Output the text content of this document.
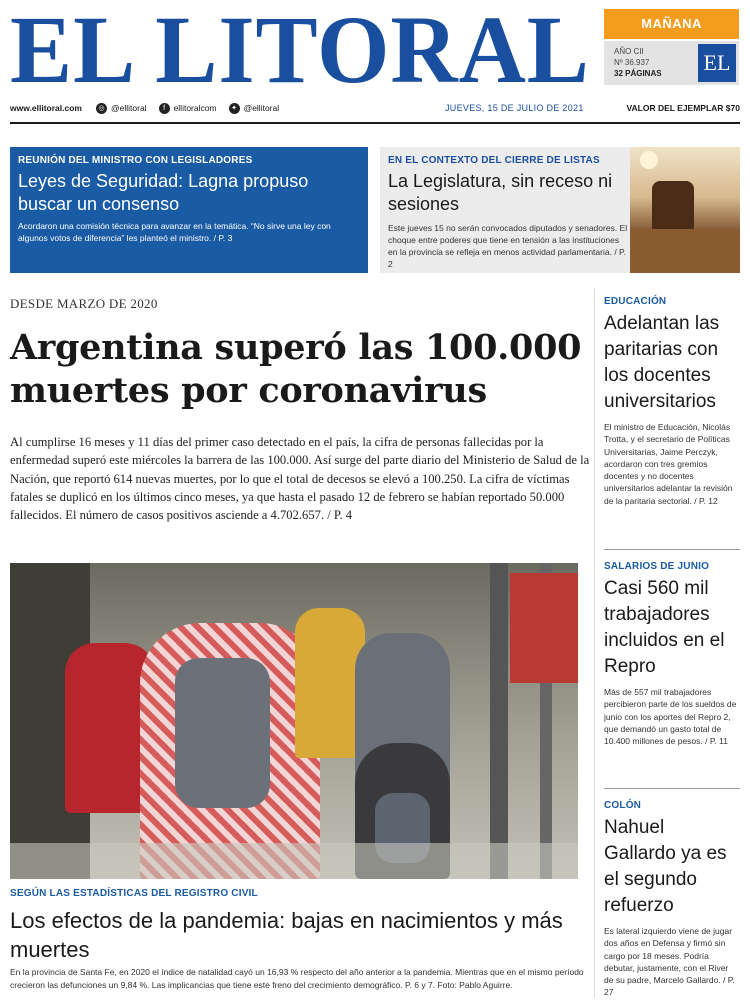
EL LITORAL	MAÑANA
AÑO CII
Nº 36.937
32 PÁGINAS EL
www.ellitoral.com	◎ @ellitoral	f	ellitoralcom	✦ @ellitoral	JUEVES, 15 DE JULIO DE 2021	VALOR DEL EJEMPLAR $70
REUNIÓN DEL MINISTRO CON LEGISLADORES
Leyes de Seguridad: Lagna propuso buscar un consenso
Acordaron una comisión técnica para avanzar en la temática. “No sirve una ley con algunos votos de diferencia” les planteó el ministro. / P. 3
EN EL CONTEXTO DEL CIERRE DE LISTAS
La Legislatura, sin receso ni sesiones
Este jueves 15 no serán convocados diputados y senadores. El choque entre poderes que tiene en tensión a las instituciones en la provincia se refleja en menos actividad parlamentaria. / P. 2
DESDE MARZO DE 2020
Argentina superó las 100.000 muertes por coronavirus
Al cumplirse 16 meses y 11 días del primer caso detectado en el país, la cifra de personas fallecidas por la enfermedad superó este miércoles la barrera de las 100.000. Así surge del parte diario del Ministerio de Salud de la Nación, que reportó 614 nuevas muertes, por lo que el total de decesos se elevó a 100.250. La cifra de víctimas fatales se duplicó en los últimos cinco meses, ya que hasta el pasado 12 de febrero se habían reportado 50.000 fallecidos. El número de casos positivos asciende a 4.702.657. / P. 4
SEGÚN LAS ESTADÍSTICAS DEL REGISTRO CIVIL
Los efectos de la pandemia: bajas en nacimientos y más muertes
En la provincia de Santa Fe, en 2020 el índice de natalidad cayó un 16,93 % respecto del año anterior a la pandemia. Mientras que en el mismo período crecieron las defunciones un 9,84 %. Las implicancias que tiene este freno del crecimiento demográfico. P. 6 y 7. Foto: Pablo Aguirre.
EDUCACIÓN
Adelantan las paritarias con los docentes universitarios
El ministro de Educación, Nicolás Trotta, y el secretario de Políticas Universitarias, Jaime Perczyk, acordaron con tres gremios docentes y no docentes universitarios adelantar la revisión de la paritaria sectorial. / P. 12
SALARIOS DE JUNIO
Casi 560 mil trabajadores incluidos en el Repro
Más de 557 mil trabajadores percibieron parte de los sueldos de junio con los aportes del Repro 2, que demandó un gasto total de 10.400 millones de pesos. / P. 11
COLÓN
Nahuel Gallardo ya es el segundo refuerzo
Es lateral izquierdo viene de jugar dos años en Defensa y firmó sin cargo por 18 meses. Podría debutar, justamente, con el River de su padre, Marcelo Gallardo. / P. 27
